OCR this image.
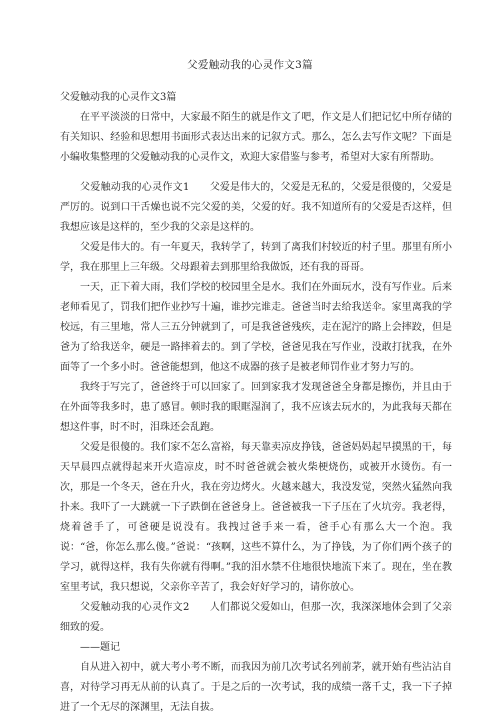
父爱触动我的心灵作文3篇

父爱触动我的心灵作文3篇

在平平淡淡的日常中，大家最不陌生的就是作文了吧，作文是人们把记忆中所存储的有关知识、经验和思想用书面形式表达出来的记叙方式。那么，怎么去写作文呢？下面是小编收集整理的父爱触动我的心灵作文，欢迎大家借鉴与参考，希望对大家有所帮助。

父爱触动我的心灵作文1　　 父爱是伟大的，父爱是无私的，父爱是很傻的，父爱是严厉的。说到口干舌燥也说不完父爱的美，父爱的好。我不知道所有的父爱是否这样，但我想应该是这样的，至少我的父亲是这样的。

父爱是伟大的。有一年夏天，我转学了，转到了离我们村较近的村子里。那里有所小学，我在那里上三年级。父母跟着去到那里给我做饭，还有我的哥哥。

一天，正下着大雨，我们学校的校园里全是水。我们在外面玩水，没有写作业。后来老师看见了，罚我们把作业抄写十遍，谁抄完谁走。爸爸当时去给我送伞。家里离我的学校远，有三里地，常人三五分钟就到了，可是我爸爸残疾，走在泥泞的路上会摔跤，但是爸为了给我送伞，硬是一路摔着去的。到了学校，爸爸见我在写作业，没敢打扰我，在外面等了一个多小时。爸爸能想到，他这不成器的孩子是被老师罚作业才努力写的。

我终于写完了，爸爸终于可以回家了。回到家我才发现爸爸全身都是擦伤，并且由于在外面等我多时，患了感冒。顿时我的眼眶湿润了，我不应该去玩水的，为此我每天都在想这件事，时不时，泪珠还会乱跑。

父爱是很傻的。我们家不怎么富裕，每天靠卖凉皮挣钱，爸爸妈妈起早摸黑的干，每天早晨四点就得起来开火造凉皮，时不时爸爸就会被火柴梗烧伤，或被开水烫伤。有一次，那是一个冬天，爸在升火，我在旁边烤火。火越来越大，我没发觉，突然火猛然向我扑来。我吓了一大跳就一下子跌倒在爸爸身上。爸爸被我一下子压在了火坑旁。我老得，烧着爸手了，可爸硬是说没有。我拽过爸手来一看，爸手心有那么大一个泡。我说：“爸，你怎么那么傻。”爸说：“孩啊，这些不算什么，为了挣钱，为了你们两个孩子的学习，就得这样，我有失你就有得啊。”我的泪水禁不住地很快地流下来了。现在，坐在教室里考试，我只想说，父亲你辛苦了，我会好好学习的，请你放心。

父爱触动我的心灵作文2　　 人们都说父爱如山，但那一次，我深深地体会到了父亲细致的爱。

——题记

自从进入初中，就大考小考不断，而我因为前几次考试名列前茅，就开始有些沾沾自喜，对待学习再无从前的认真了。于是之后的一次考试，我的成绩一落千丈，我一下子掉进了一个无尽的深渊里，无法自拔。
